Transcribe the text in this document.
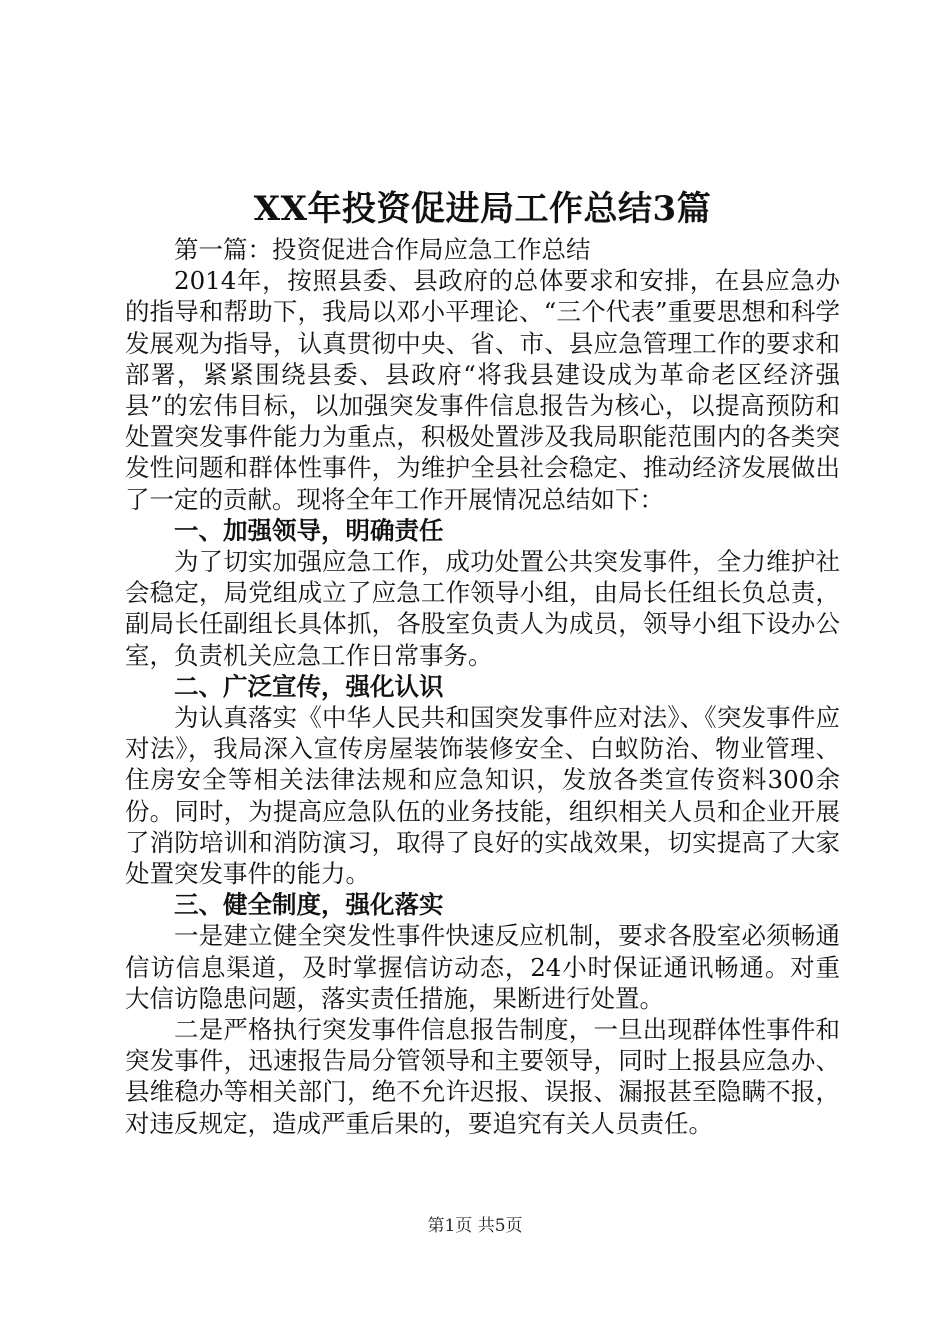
XX年投资促进局工作总结3篇

第一篇：投资促进合作局应急工作总结

2014年，按照县委、县政府的总体要求和安排，在县应急办的指导和帮助下，我局以邓小平理论、“三个代表”重要思想和科学发展观为指导，认真贯彻中央、省、市、县应急管理工作的要求和部署，紧紧围绕县委、县政府“将我县建设成为革命老区经济强县”的宏伟目标，以加强突发事件信息报告为核心，以提高预防和处置突发事件能力为重点，积极处置涉及我局职能范围内的各类突发性问题和群体性事件，为维护全县社会稳定、推动经济发展做出了一定的贡献。现将全年工作开展情况总结如下：

一、加强领导，明确责任

为了切实加强应急工作，成功处置公共突发事件，全力维护社会稳定，局党组成立了应急工作领导小组，由局长任组长负总责，副局长任副组长具体抓，各股室负责人为成员，领导小组下设办公室，负责机关应急工作日常事务。

二、广泛宣传，强化认识

为认真落实《中华人民共和国突发事件应对法》、《突发事件应对法》，我局深入宣传房屋装饰装修安全、白蚁防治、物业管理、住房安全等相关法律法规和应急知识，发放各类宣传资料300余份。同时，为提高应急队伍的业务技能，组织相关人员和企业开展了消防培训和消防演习，取得了良好的实战效果，切实提高了大家处置突发事件的能力。

三、健全制度，强化落实

一是建立健全突发性事件快速反应机制，要求各股室必须畅通信访信息渠道，及时掌握信访动态，24小时保证通讯畅通。对重大信访隐患问题，落实责任措施，果断进行处置。

二是严格执行突发事件信息报告制度，一旦出现群体性事件和突发事件，迅速报告局分管领导和主要领导，同时上报县应急办、县维稳办等相关部门，绝不允许迟报、误报、漏报甚至隐瞒不报，对违反规定，造成严重后果的，要追究有关人员责任。

第1页 共5页
